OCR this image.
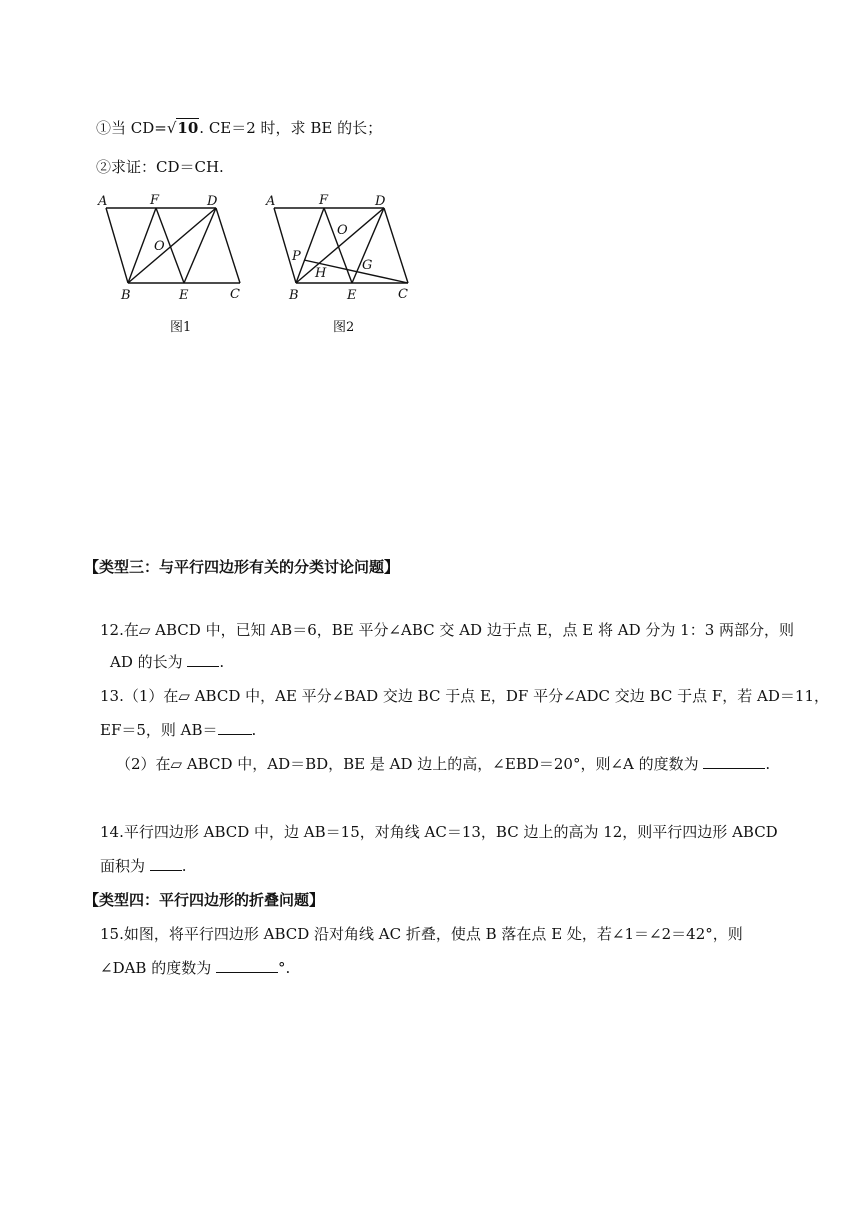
①当 CD=√10. CE＝2 时，求 BE 的长；
②求证：CD＝CH.
A	F	D
O
B	E	C
图1
A	F	D
O
P
H
G
B	E	C
图2
【类型三：与平行四边形有关的分类讨论问题】
12.在▱ ABCD 中，已知 AB＝6，BE 平分∠ABC 交 AD 边于点 E，点 E 将 AD 分为 1：3 两部分，则
AD 的长为 .
13.（1）在▱ ABCD 中，AE 平分∠BAD 交边 BC 于点 E，DF 平分∠ADC 交边 BC 于点 F，若 AD＝11，
EF＝5，则 AB＝ .
（2）在▱ ABCD 中，AD＝BD，BE 是 AD 边上的高，∠EBD＝20°，则∠A 的度数为	.
14.平行四边形 ABCD 中，边 AB＝15，对角线 AC＝13，BC 边上的高为 12，则平行四边形 ABCD
面积为 .
【类型四：平行四边形的折叠问题】
15.如图，将平行四边形 ABCD 沿对角线 AC 折叠，使点 B 落在点 E 处，若∠1＝∠2＝42°，则
∠DAB 的度数为	°.
